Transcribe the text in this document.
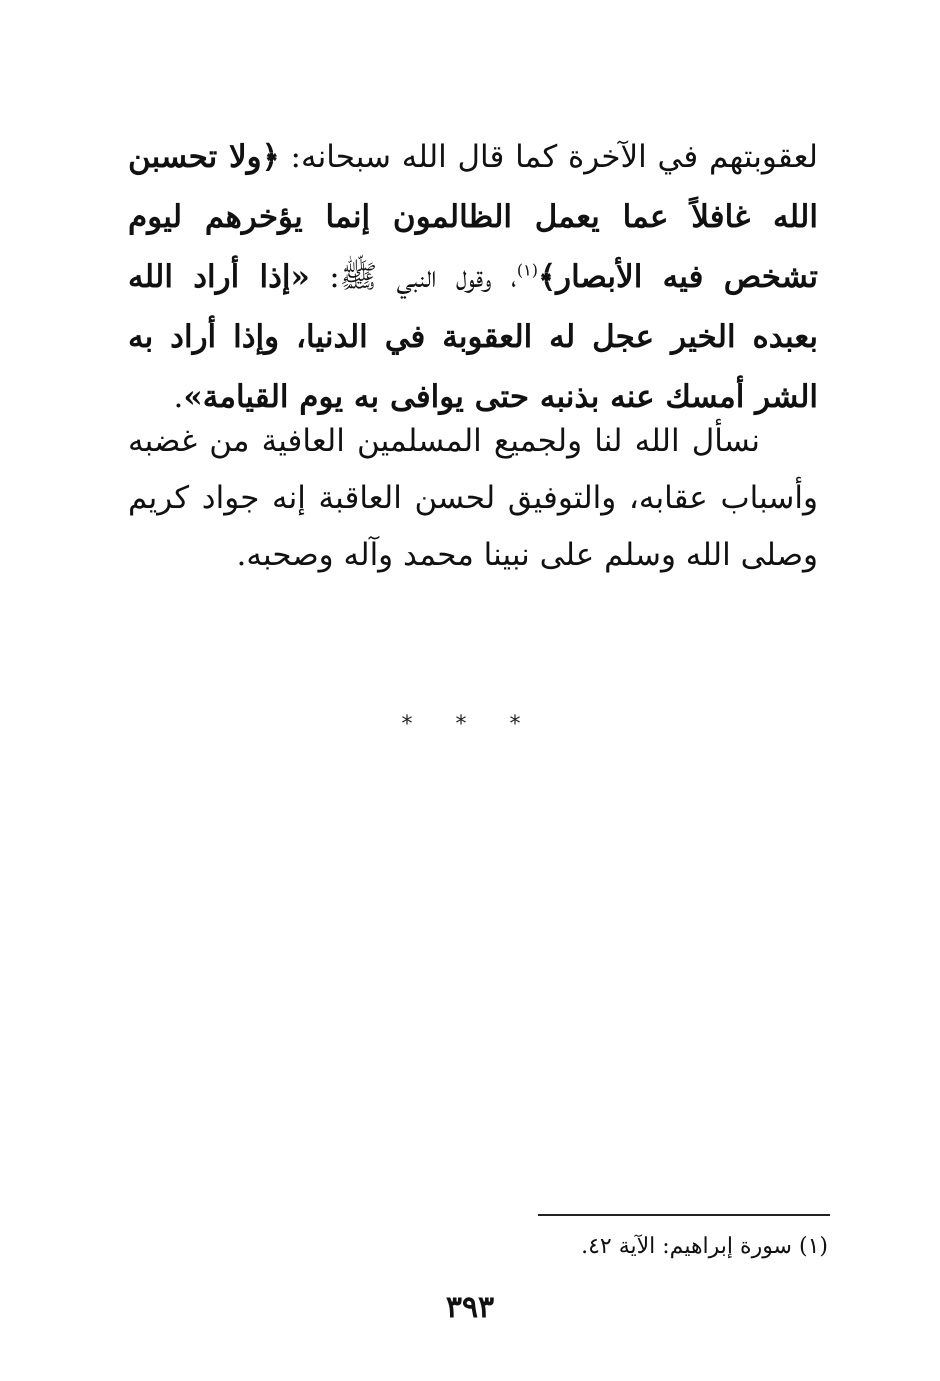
لعقوبتهم في الآخرة كما قال الله سبحانه: ﴿ولا تحسبن الله غافلاً عما يعمل الظالمون إنما يؤخرهم ليوم تشخص فيه الأبصار﴾$^{(١)}$، وقول النبي ﷺ: «إذا أراد الله بعبده الخير عجل له العقوبة في الدنيا، وإذا أراد به الشر أمسك عنه بذنبه حتى يوافى به يوم القيامة».

نسأل الله لنا ولجميع المسلمين العافية من غضبه وأسباب عقابه، والتوفيق لحسن العاقبة إنه جواد كريم وصلى الله وسلم على نبينا محمد وآله وصحبه.

* * *
(١) سورة إبراهيم: الآية ٤٢.
٣٩٣
